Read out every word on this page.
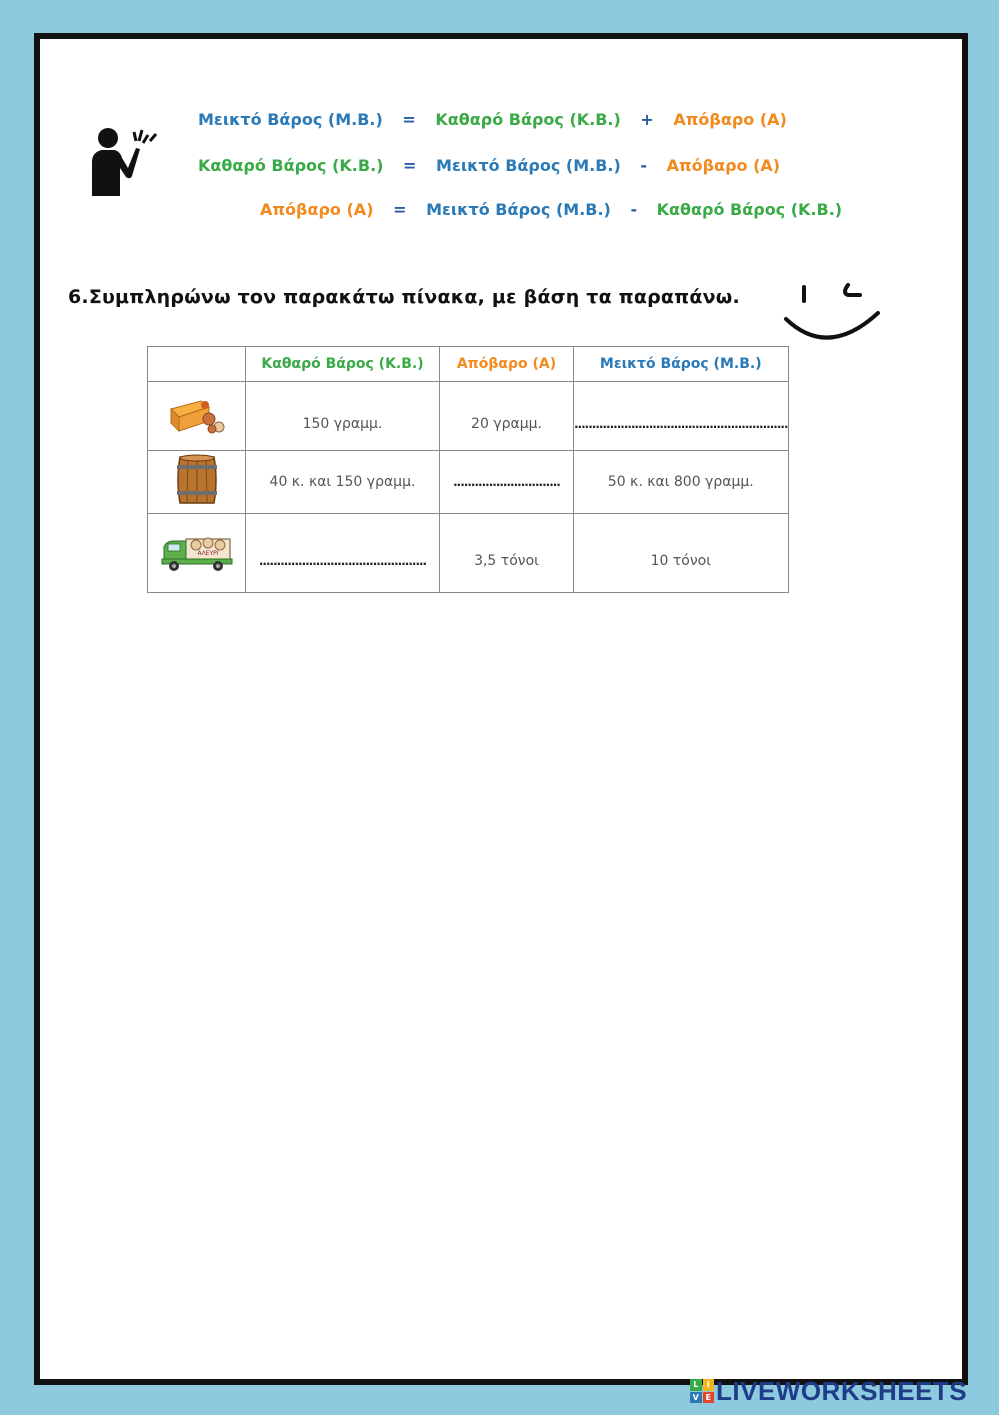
Μεικτό Βάρος (Μ.Β.) = Καθαρό Βάρος (Κ.Β.) + Απόβαρο (Α)
Καθαρό Βάρος (Κ.Β.) = Μεικτό Βάρος (Μ.Β.) - Απόβαρο (Α)
Απόβαρο (Α) = Μεικτό Βάρος (Μ.Β.) - Καθαρό Βάρος (Κ.Β.)
6.Συμπληρώνω τον παρακάτω πίνακα, με βάση τα παραπάνω.
	Καθαρό Βάρος (Κ.Β.)	Απόβαρο (Α)	Μεικτό Βάρος (Μ.Β.)
	150 γραμμ.	20 γραμμ.	............................................................
	40 κ. και 150 γραμμ.	..............................	50 κ. και 800 γραμμ.

ΑΛΕΥΡΙ	...............................................	3,5 τόνοι	10 τόνοι
L	I
V E LIVEWORKSHEETS
